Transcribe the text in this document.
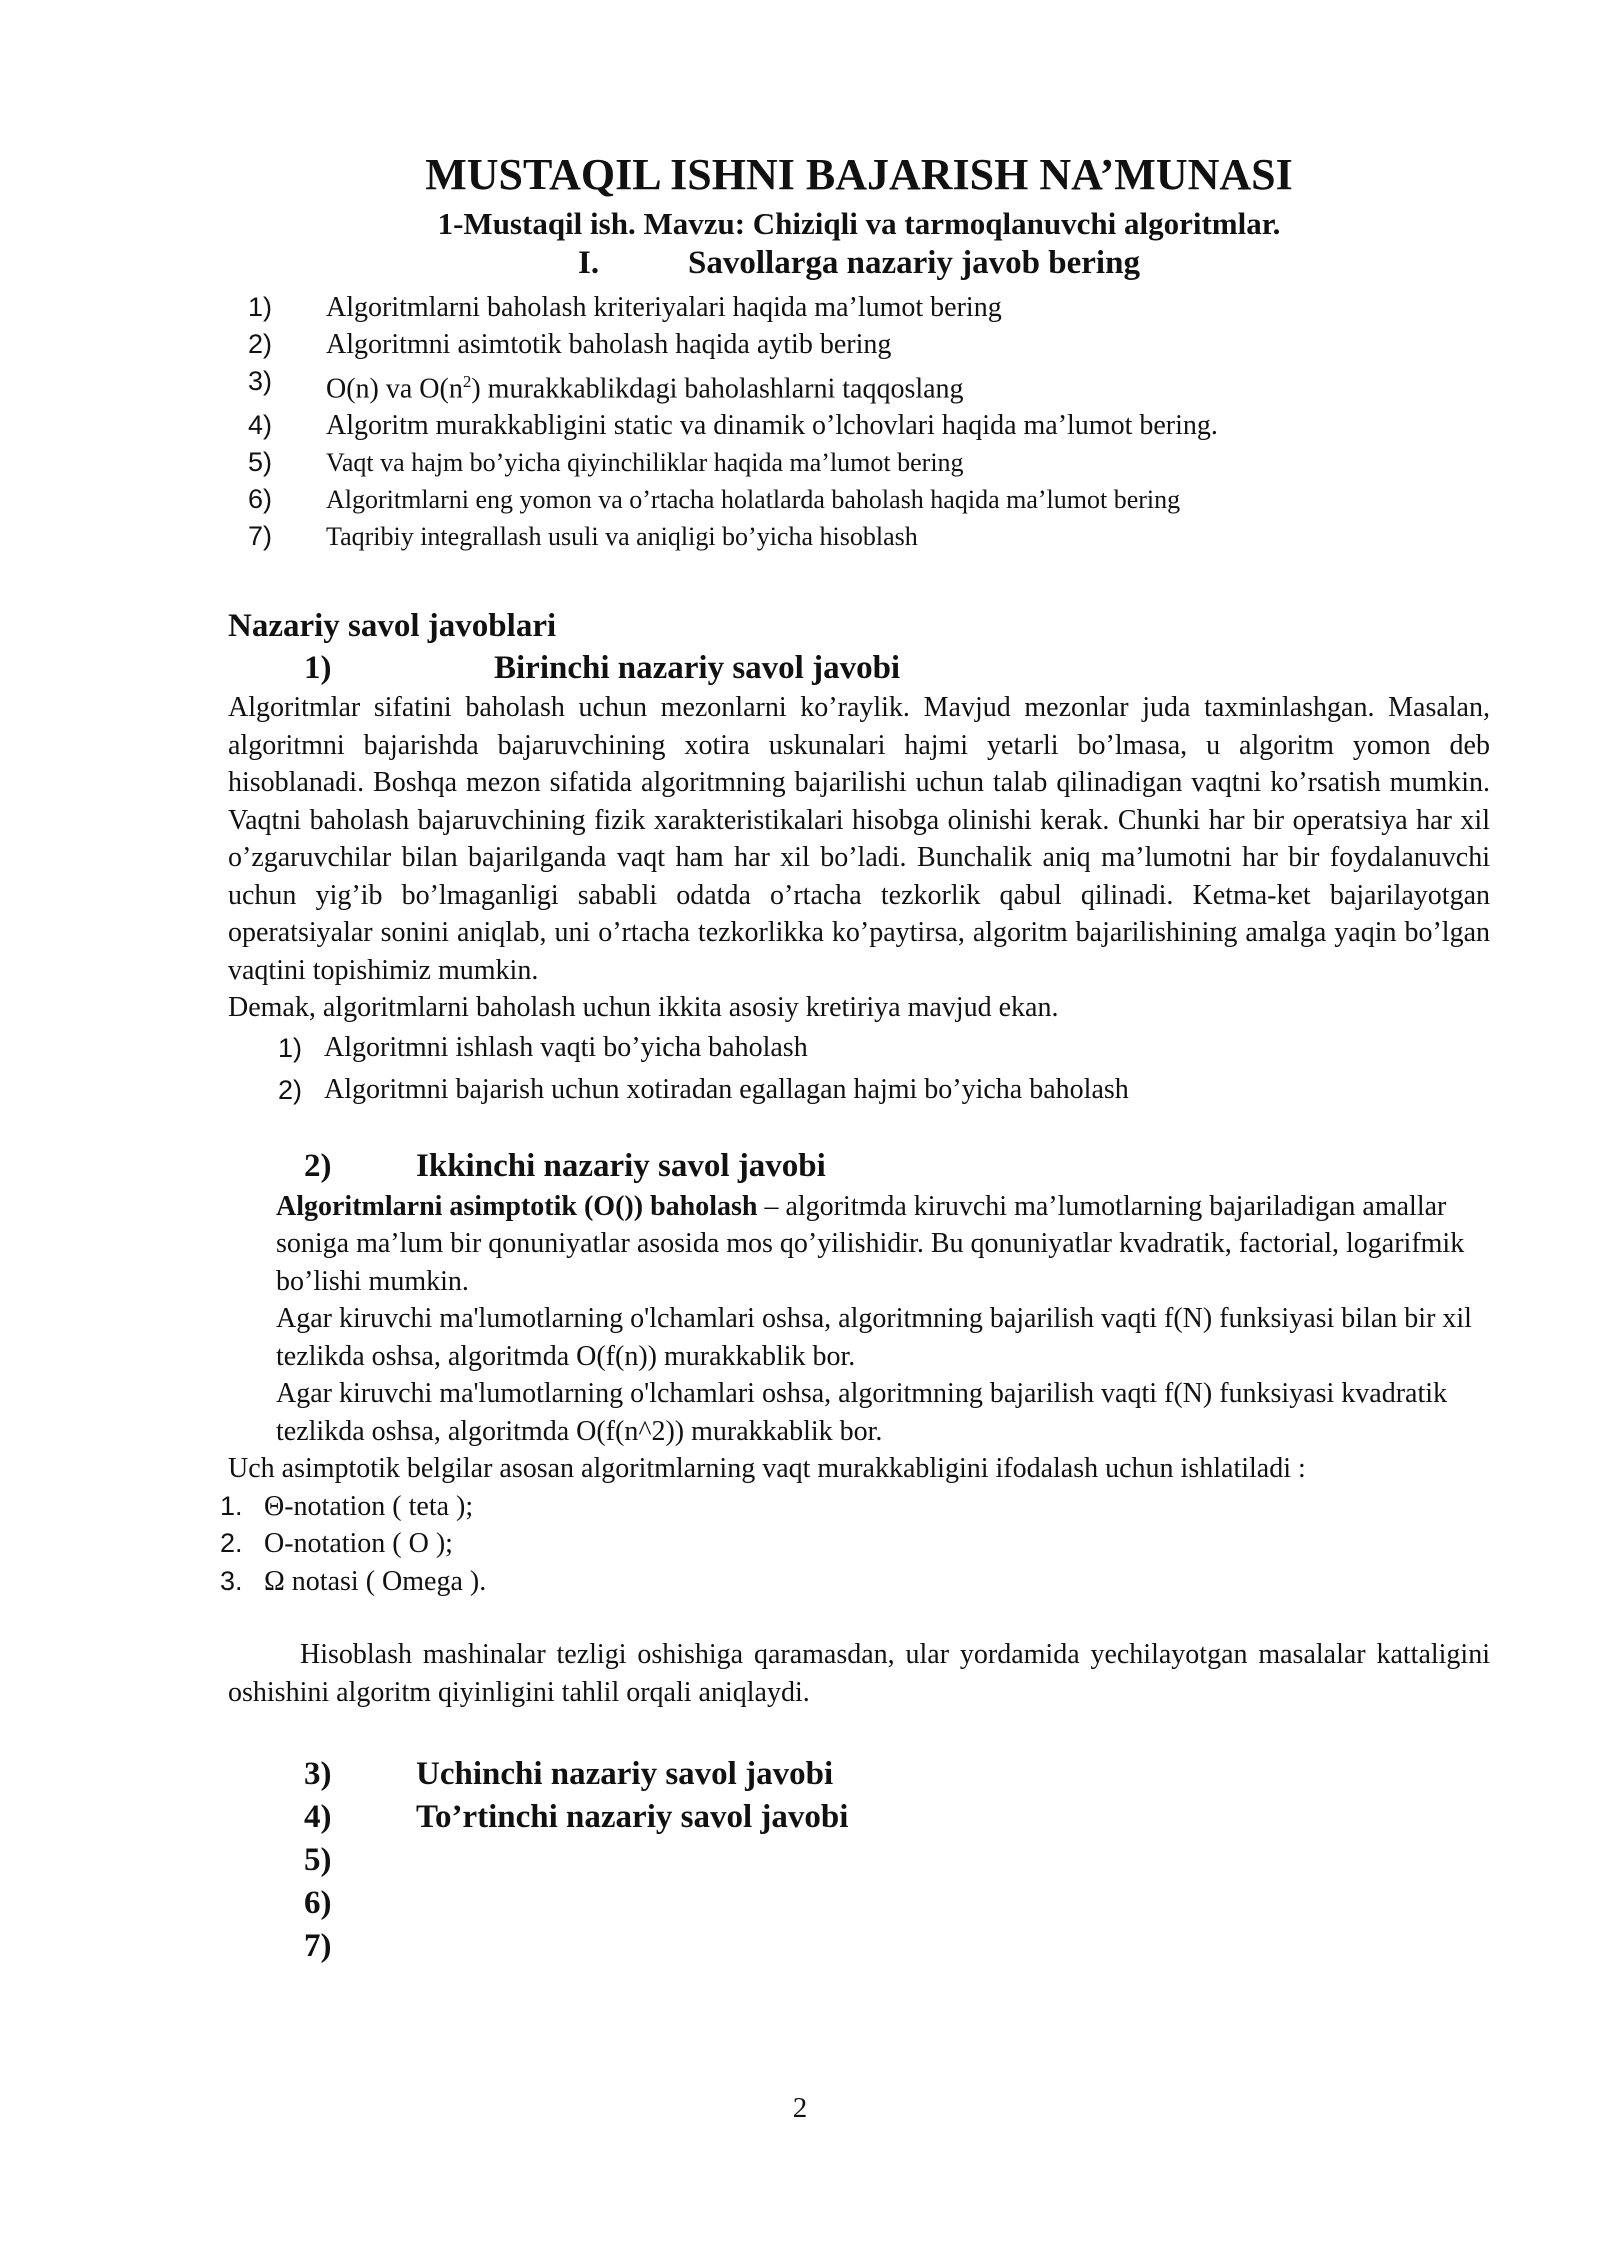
MUSTAQIL ISHNI BAJARISH NA’MUNASI

1-Mustaqil ish. Mavzu: Chiziqli va tarmoqlanuvchi algoritmlar.

I.	Savollarga nazariy javob bering

1)	Algoritmlarni baholash kriteriyalari haqida ma’lumot bering
2)	Algoritmni asimtotik baholash haqida aytib bering
3)	O(n) va $O(n^2)$ murakkablikdagi baholashlarni taqqoslang
4)	Algoritm murakkabligini static va dinamik o’lchovlari haqida ma’lumot bering.
5)	Vaqt va hajm bo’yicha qiyinchiliklar haqida ma’lumot bering
6)	Algoritmlarni eng yomon va o’rtacha holatlarda baholash haqida ma’lumot bering
7)	Taqribiy integrallash usuli va aniqligi bo’yicha hisoblash
Nazariy savol javoblari
1)	Birinchi nazariy savol javobi

Algoritmlar sifatini baholash uchun mezonlarni ko’raylik. Mavjud mezonlar juda taxminlashgan. Masalan, algoritmni bajarishda bajaruvchining xotira uskunalari hajmi yetarli bo’lmasa, u algoritm yomon deb hisoblanadi. Boshqa mezon sifatida algoritmning bajarilishi uchun talab qilinadigan vaqtni ko’rsatish mumkin. Vaqtni baholash bajaruvchining fizik xarakteristikalari hisobga olinishi kerak. Chunki har bir operatsiya har xil o’zgaruvchilar bilan bajarilganda vaqt ham har xil bo’ladi. Bunchalik aniq ma’lumotni har bir foydalanuvchi uchun yig’ib bo’lmaganligi sababli odatda o’rtacha tezkorlik qabul qilinadi. Ketma-ket bajarilayotgan operatsiyalar sonini aniqlab, uni o’rtacha tezkorlikka ko’paytirsa, algoritm bajarilishining amalga yaqin bo’lgan vaqtini topishimiz mumkin.

Demak, algoritmlarni baholash uchun ikkita asosiy kretiriya mavjud ekan.

1) Algoritmni ishlash vaqti bo’yicha baholash
2) Algoritmni bajarish uchun xotiradan egallagan hajmi bo’yicha baholash
2)	Ikkinchi nazariy savol javobi

Algoritmlarni asimptotik (O()) baholash – algoritmda kiruvchi ma’lumotlarning bajariladigan amallar soniga ma’lum bir qonuniyatlar asosida mos qo’yilishidir. Bu qonuniyatlar kvadratik, factorial, logarifmik bo’lishi mumkin.

Agar kiruvchi ma'lumotlarning o'lchamlari oshsa, algoritmning bajarilish vaqti f(N) funksiyasi bilan bir xil tezlikda oshsa, algoritmda O(f(n)) murakkablik bor.

Agar kiruvchi ma'lumotlarning o'lchamlari oshsa, algoritmning bajarilish vaqti f(N) funksiyasi kvadratik tezlikda oshsa, algoritmda O(f(n^2)) murakkablik bor.

Uch asimptotik belgilar asosan algoritmlarning vaqt murakkabligini ifodalash uchun ishlatiladi :

1. Θ-notation ( teta );
2. O-notation ( O );
3. Ω notasi ( Omega ).

Hisoblash mashinalar tezligi oshishiga qaramasdan, ular yordamida yechilayotgan masalalar kattaligini oshishini algoritm qiyinligini tahlil orqali aniqlaydi.

3)	Uchinchi nazariy savol javobi
4)	To’rtinchi nazariy savol javobi
5)
6)
7)
2
